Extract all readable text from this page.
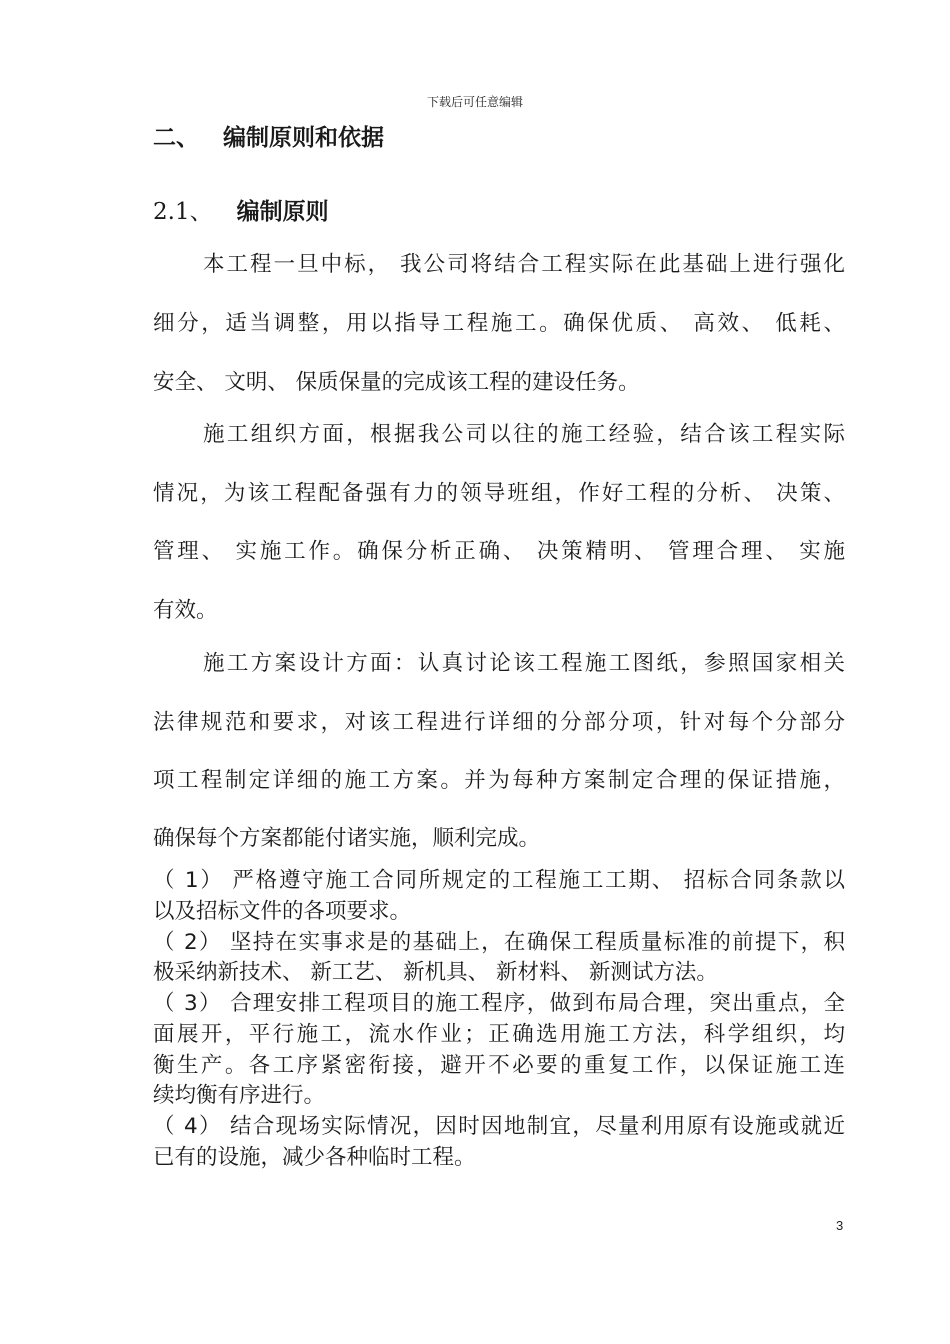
下载后可任意编辑
二、 编制原则和依据
2.1、 编制原则
本工程一旦中标， 我公司将结合工程实际在此基础上进行强化
细分，适当调整，用以指导工程施工。确保优质、 高效、 低耗、
安全、 文明、 保质保量的完成该工程的建设任务。
施工组织方面，根据我公司以往的施工经验，结合该工程实际
情况，为该工程配备强有力的领导班组，作好工程的分析、 决策、
管理、 实施工作。确保分析正确、 决策精明、 管理合理、 实施
有效。
施工方案设计方面：认真讨论该工程施工图纸，参照国家相关
法律规范和要求，对该工程进行详细的分部分项，针对每个分部分
项工程制定详细的施工方案。并为每种方案制定合理的保证措施，
确保每个方案都能付诸实施，顺利完成。
（ 1） 严格遵守施工合同所规定的工程施工工期、 招标合同条款以
以及招标文件的各项要求。
（ 2） 坚持在实事求是的基础上，在确保工程质量标准的前提下，积
极采纳新技术、 新工艺、 新机具、 新材料、 新测试方法。
（ 3） 合理安排工程项目的施工程序，做到布局合理，突出重点，全
面展开，平行施工，流水作业；正确选用施工方法，科学组织，均
衡生产。各工序紧密衔接，避开不必要的重复工作，以保证施工连
续均衡有序进行。
（ 4） 结合现场实际情况，因时因地制宜，尽量利用原有设施或就近
已有的设施，减少各种临时工程。
3
